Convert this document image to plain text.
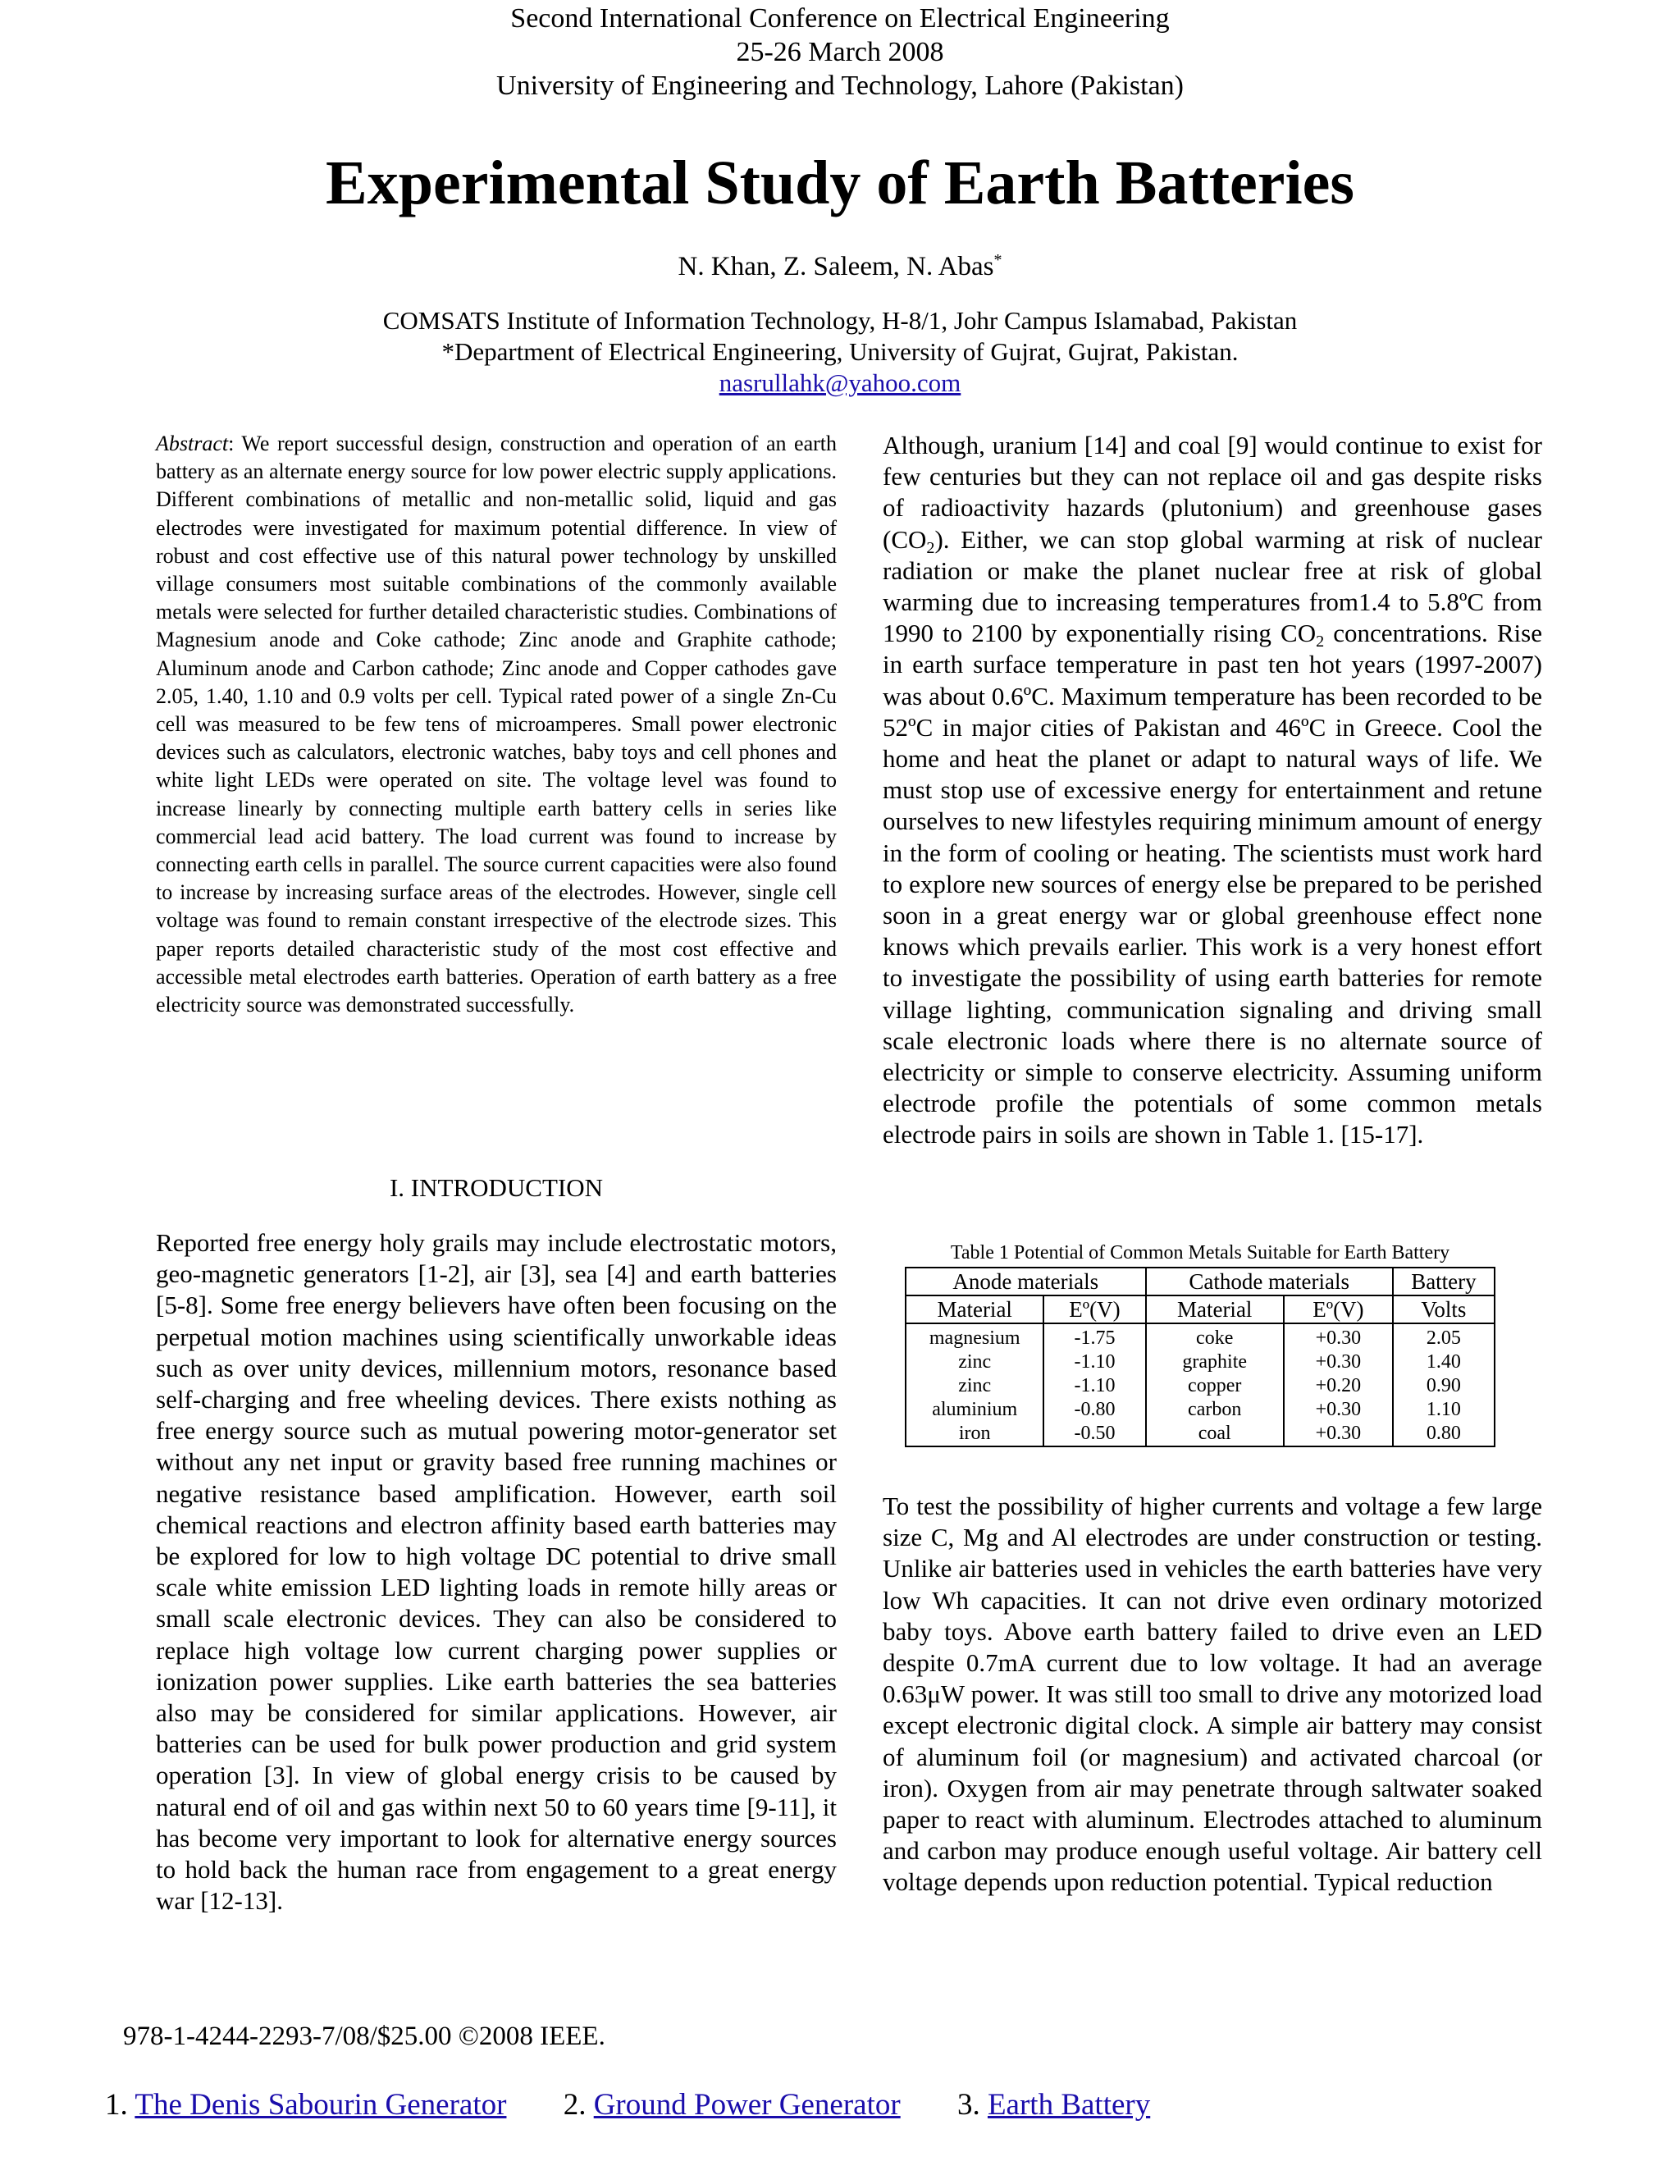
Second International Conference on Electrical Engineering
25-26 March 2008
University of Engineering and Technology, Lahore (Pakistan)
Experimental Study of Earth Batteries
N. Khan, Z. Saleem, N. Abas*
COMSATS Institute of Information Technology, H-8/1, Johr Campus Islamabad, Pakistan
*Department of Electrical Engineering, University of Gujrat, Gujrat, Pakistan.
nasrullahk@yahoo.com
Abstract: We report successful design, construction and operation of an earth battery as an alternate energy source for low power electric supply applications. Different combinations of metallic and non-metallic solid, liquid and gas electrodes were investigated for maximum potential difference. In view of robust and cost effective use of this natural power technology by unskilled village consumers most suitable combinations of the commonly available metals were selected for further detailed characteristic studies. Combinations of Magnesium anode and Coke cathode; Zinc anode and Graphite cathode; Aluminum anode and Carbon cathode; Zinc anode and Copper cathodes gave 2.05, 1.40, 1.10 and 0.9 volts per cell. Typical rated power of a single Zn-Cu cell was measured to be few tens of microamperes. Small power electronic devices such as calculators, electronic watches, baby toys and cell phones and white light LEDs were operated on site. The voltage level was found to increase linearly by connecting multiple earth battery cells in series like commercial lead acid battery. The load current was found to increase by connecting earth cells in parallel. The source current capacities were also found to increase by increasing surface areas of the electrodes. However, single cell voltage was found to remain constant irrespective of the electrode sizes. This paper reports detailed characteristic study of the most cost effective and accessible metal electrodes earth batteries. Operation of earth battery as a free electricity source was demonstrated successfully.
I. INTRODUCTION
Reported free energy holy grails may include electrostatic motors, geo-magnetic generators [1-2], air [3], sea [4] and earth batteries [5-8]. Some free energy believers have often been focusing on the perpetual motion machines using scientifically unworkable ideas such as over unity devices, millennium motors, resonance based self-charging and free wheeling devices. There exists nothing as free energy source such as mutual powering motor-generator set without any net input or gravity based free running machines or negative resistance based amplification. However, earth soil chemical reactions and electron affinity based earth batteries may be explored for low to high voltage DC potential to drive small scale white emission LED lighting loads in remote hilly areas or small scale electronic devices. They can also be considered to replace high voltage low current charging power supplies or ionization power supplies. Like earth batteries the sea batteries also may be considered for similar applications. However, air batteries can be used for bulk power production and grid system operation [3]. In view of global energy crisis to be caused by natural end of oil and gas within next 50 to 60 years time [9-11], it has become very important to look for alternative energy sources to hold back the human race from engagement to a great energy war [12-13].
Although, uranium [14] and coal [9] would continue to exist for few centuries but they can not replace oil and gas despite risks of radioactivity hazards (plutonium) and greenhouse gases $(CO_2)$. Either, we can stop global warming at risk of nuclear radiation or make the planet nuclear free at risk of global warming due to increasing temperatures from1.4 to 5.8ºC from 1990 to 2100 by exponentially rising $CO_2$ concentrations. Rise in earth surface temperature in past ten hot years (1997-2007) was about 0.6ºC. Maximum temperature has been recorded to be 52ºC in major cities of Pakistan and 46ºC in Greece. Cool the home and heat the planet or adapt to natural ways of life. We must stop use of excessive energy for entertainment and retune ourselves to new lifestyles requiring minimum amount of energy in the form of cooling or heating. The scientists must work hard to explore new sources of energy else be prepared to be perished soon in a great energy war or global greenhouse effect none knows which prevails earlier. This work is a very honest effort to investigate the possibility of using earth batteries for remote village lighting, communication signaling and driving small scale electronic loads where there is no alternate source of electricity or simple to conserve electricity. Assuming uniform electrode profile the potentials of some common metals electrode pairs in soils are shown in Table 1. [15-17].
Table 1 Potential of Common Metals Suitable for Earth Battery
Anode materials		Cathode materials		Battery
Material	Eº(V)	Material	Eº(V)	Volts
magnesium	-1.75	coke	+0.30	2.05
zinc	-1.10	graphite	+0.30	1.40
zinc	-1.10	copper	+0.20	0.90
aluminium	-0.80	carbon	+0.30	1.10
iron	-0.50	coal	+0.30	0.80
To test the possibility of higher currents and voltage a few large size C, Mg and Al electrodes are under construction or testing. Unlike air batteries used in vehicles the earth batteries have very low Wh capacities. It can not drive even ordinary motorized baby toys. Above earth battery failed to drive even an LED despite 0.7mA current due to low voltage. It had an average 0.63μW power. It was still too small to drive any motorized load except electronic digital clock. A simple air battery may consist of aluminum foil (or magnesium) and activated charcoal (or iron). Oxygen from air may penetrate through saltwater soaked paper to react with aluminum. Electrodes attached to aluminum and carbon may produce enough useful voltage. Air battery cell voltage depends upon reduction potential. Typical reduction
978-1-4244-2293-7/08/$25.00 ©2008 IEEE.
1. The Denis Sabourin Generator 2. Ground Power Generator 3. Earth Battery
